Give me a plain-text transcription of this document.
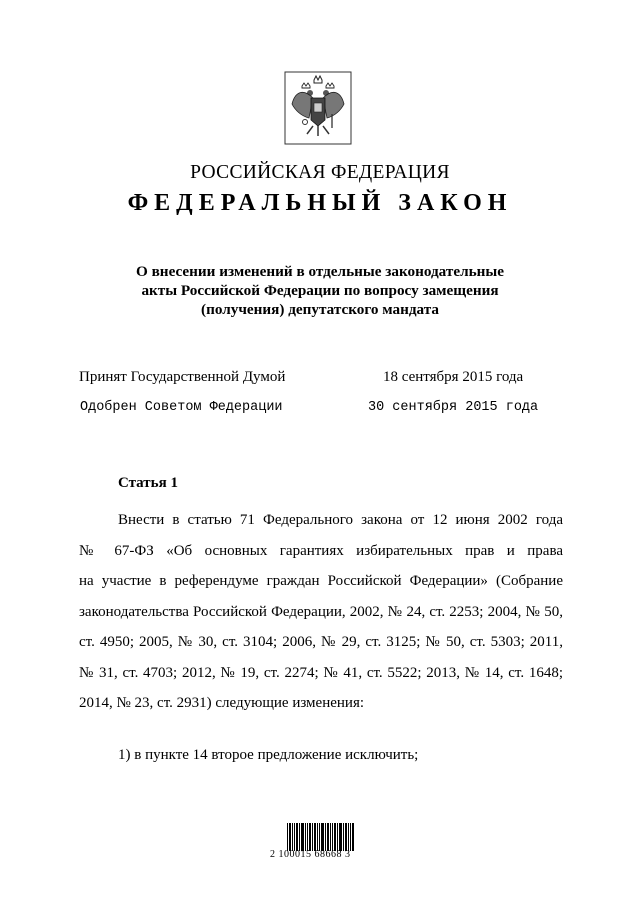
РОССИЙСКАЯ ФЕДЕРАЦИЯ
ФЕДЕРАЛЬНЫЙ ЗАКОН
О внесении изменений в отдельные законодательные
акты Российской Федерации по вопросу замещения
(получения) депутатского мандата
Принят Государственной Думой	18 сентября 2015 года
Одобрен Советом Федерации	30 сентября 2015 года
Статья 1
Внести в статью 71 Федерального закона от 12 июня 2002 года
№ 67-ФЗ «Об основных гарантиях избирательных прав и права
на участие в референдуме граждан Российской Федерации» (Собрание
законодательства Российской Федерации, 2002, № 24, ст. 2253; 2004, № 50,
ст. 4950; 2005, № 30, ст. 3104; 2006, № 29, ст. 3125; № 50, ст. 5303; 2011,
№ 31, ст. 4703; 2012, № 19, ст. 2274; № 41, ст. 5522; 2013, № 14, ст. 1648;
2014, № 23, ст. 2931) следующие изменения:
1) в пункте 14 второе предложение исключить;
2 100015 68668 3
